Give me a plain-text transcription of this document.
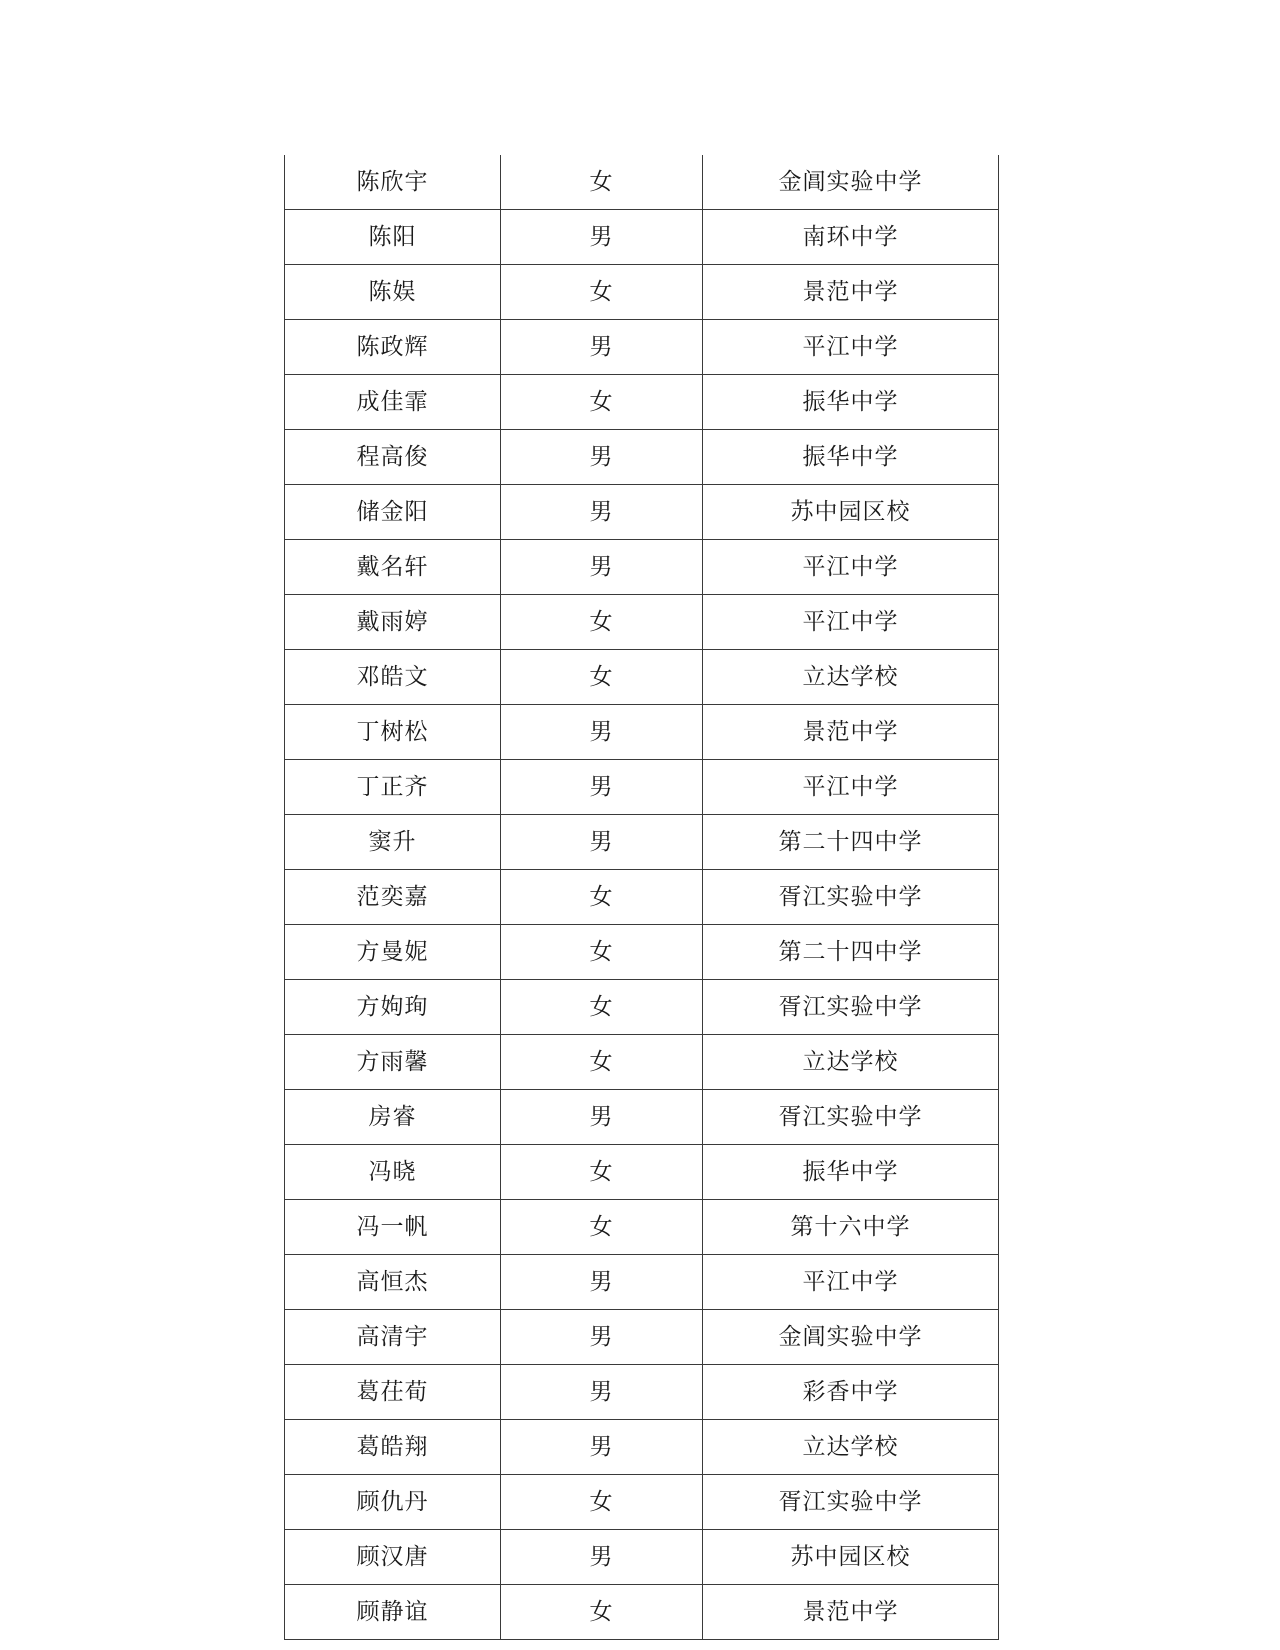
陈欣宇	女	金阊实验中学
陈阳	男	南环中学
陈娱	女	景范中学
陈政辉	男	平江中学
成佳霏	女	振华中学
程高俊	男	振华中学
储金阳	男	苏中园区校
戴名轩	男	平江中学
戴雨婷	女	平江中学
邓皓文	女	立达学校
丁树松	男	景范中学
丁正齐	男	平江中学
窦升	男	第二十四中学
范奕嘉	女	胥江实验中学
方曼妮	女	第二十四中学
方姁珣	女	胥江实验中学
方雨馨	女	立达学校
房睿	男	胥江实验中学
冯晓	女	振华中学
冯一帆	女	第十六中学
高恒杰	男	平江中学
高清宇	男	金阊实验中学
葛茌荀	男	彩香中学
葛皓翔	男	立达学校
顾仇丹	女	胥江实验中学
顾汉唐	男	苏中园区校
顾静谊	女	景范中学
